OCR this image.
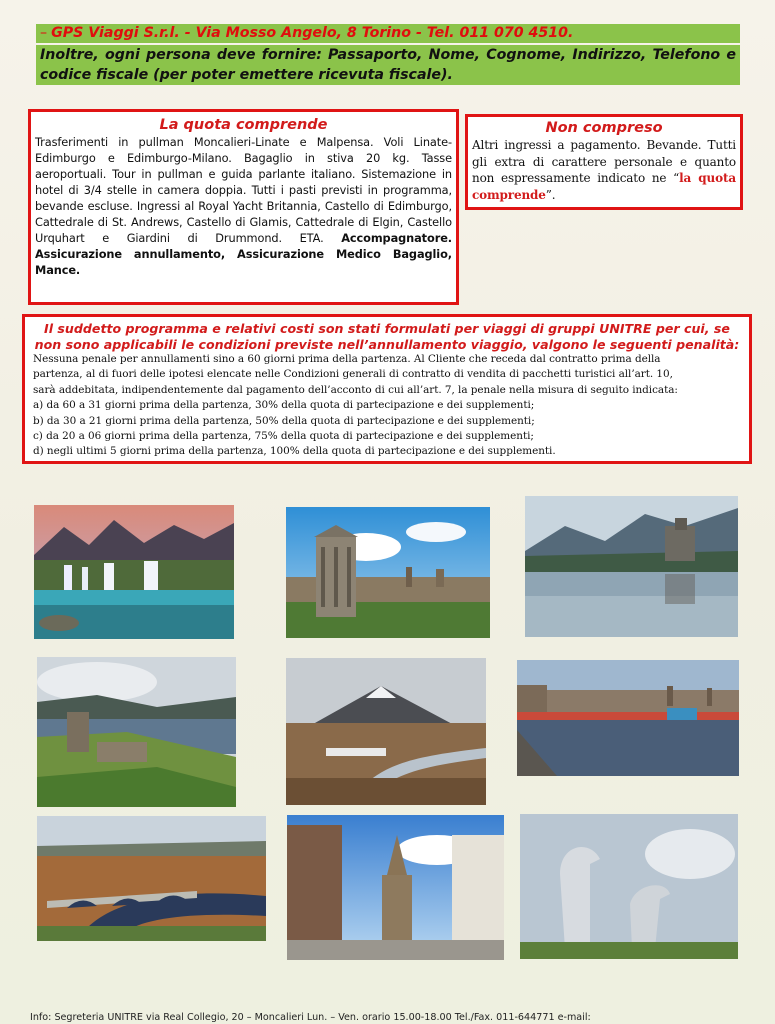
– GPS Viaggi S.r.l. - Via Mosso Angelo, 8 Torino - Tel. 011 070 4510.
Inoltre, ogni persona deve fornire: Passaporto, Nome, Cognome, Indirizzo, Telefono e codice fiscale (per poter emettere ricevuta fiscale).
La quota comprende
Trasferimenti in pullman Moncalieri-Linate e Malpensa. Voli Linate-Edimburgo e Edimburgo-Milano. Bagaglio in stiva 20 kg. Tasse aeroportuali. Tour in pullman e guida parlante italiano. Sistemazione in hotel di 3/4 stelle in camera doppia. Tutti i pasti previsti in programma, bevande escluse. Ingressi al Royal Yacht Britannia, Castello di Edimburgo, Cattedrale di St. Andrews, Castello di Glamis, Cattedrale di Elgin, Castello Urquhart e Giardini di Drummond. ETA. Accompagnatore. Assicurazione annullamento, Assicurazione Medico Bagaglio, Mance.
Non compreso
Altri ingressi a pagamento. Bevande. Tutti gli extra di carattere personale e quanto non espressamente indicato ne “la quota comprende”.
Il suddetto programma e relativi costi son stati formulati per viaggi di gruppi UNITRE per cui, se non sono applicabili le condizioni previste nell’annullamento viaggio, valgono le seguenti penalità:
Nessuna penale per annullamenti sino a 60 giorni prima della partenza. Al Cliente che receda dal contratto prima della
partenza, al di fuori delle ipotesi elencate nelle Condizioni generali di contratto di vendita di pacchetti turistici all’art. 10,
sarà addebitata, indipendentemente dal pagamento dell’acconto di cui all’art. 7, la penale nella misura di seguito indicata:
a) da 60 a 31 giorni prima della partenza, 30% della quota di partecipazione e dei supplementi;
b) da 30 a 21 giorni prima della partenza, 50% della quota di partecipazione e dei supplementi;
c) da 20 a 06 giorni prima della partenza, 75% della quota di partecipazione e dei supplementi;
d) negli ultimi 5 giorni prima della partenza, 100% della quota di partecipazione e dei supplementi.
Info: Segreteria UNITRE via Real Collegio, 20 – Moncalieri Lun. – Ven. orario 15.00-18.00 Tel./Fax. 011-644771 e-mail:
